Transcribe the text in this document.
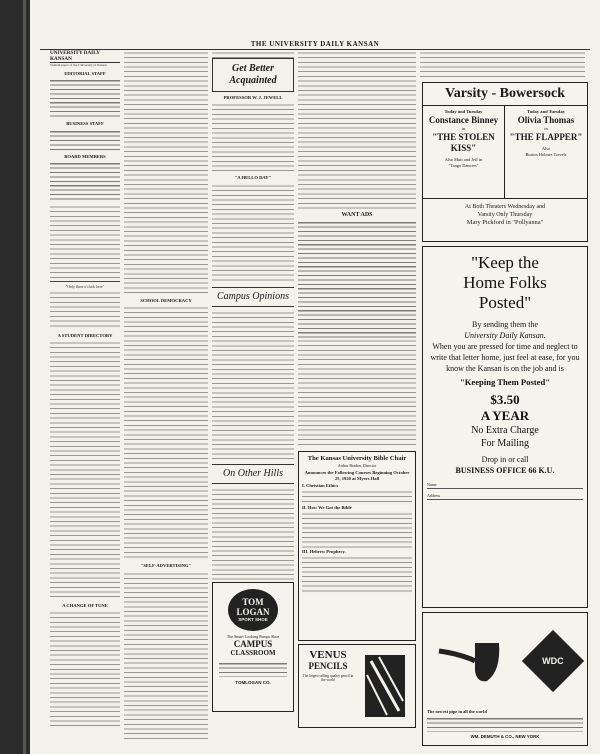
THE UNIVERSITY DAILY KANSAN
UNIVERSITY DAILY KANSAN
Student paper of the University of Kansas
EDITORIAL STAFF
BUSINESS STAFF
BOARD MEMBERS
"Only three o'clock here"
A STUDENT DIRECTORY
A CHANGE OF TUNE
SCHOOL DEMOCRACY
"SELF-ADVERTISING"
Get Better Acquainted
PROFESSOR W. J. JEWELL
"A HELLO DAY"
Campus Opinions
On Other Hills
TOM LOGAN
SPORT SHOE
The Smart Looking Pumps Shoe
CAMPUS
CLASSROOM
TOMLOGAN CO.
WANT ADS
The Kansas University Bible Chair
Arthur Braden, Director
Announces the Following Courses Beginning October 25, 1920 at Myers Hall
I. Christian Ethics
II. How We Got the Bible
III. Hebrew Prophecy.
VENUS
PENCILS
The largest selling quality pencil in the world
Varsity - Bowersock
Today and Tuesday
Constance Binney
in
"THE STOLEN KISS"
Also Mutt and Jeff in
"Tango Dancers"
Today and Tuesday
Olivia Thomas
in
"THE FLAPPER"
Also
Burton Holmes Travels
At Both Theaters Wednesday and
Varsity Only Thursday
Mary Pickford in "Pollyanna"
"Keep the
Home Folks
Posted"
By sending them the
University Daily Kansan.
When you are pressed for time and neglect to write that letter home, just feel at ease, for you know the Kansan is on the job and is
"Keeping Them Posted"
$3.50
A YEAR
No Extra Charge
For Mailing
Drop in or call
BUSINESS OFFICE 66 K.U.
Name
Address
WDC
The newest pipe in all the world
WM. DEMUTH & CO., NEW YORK
